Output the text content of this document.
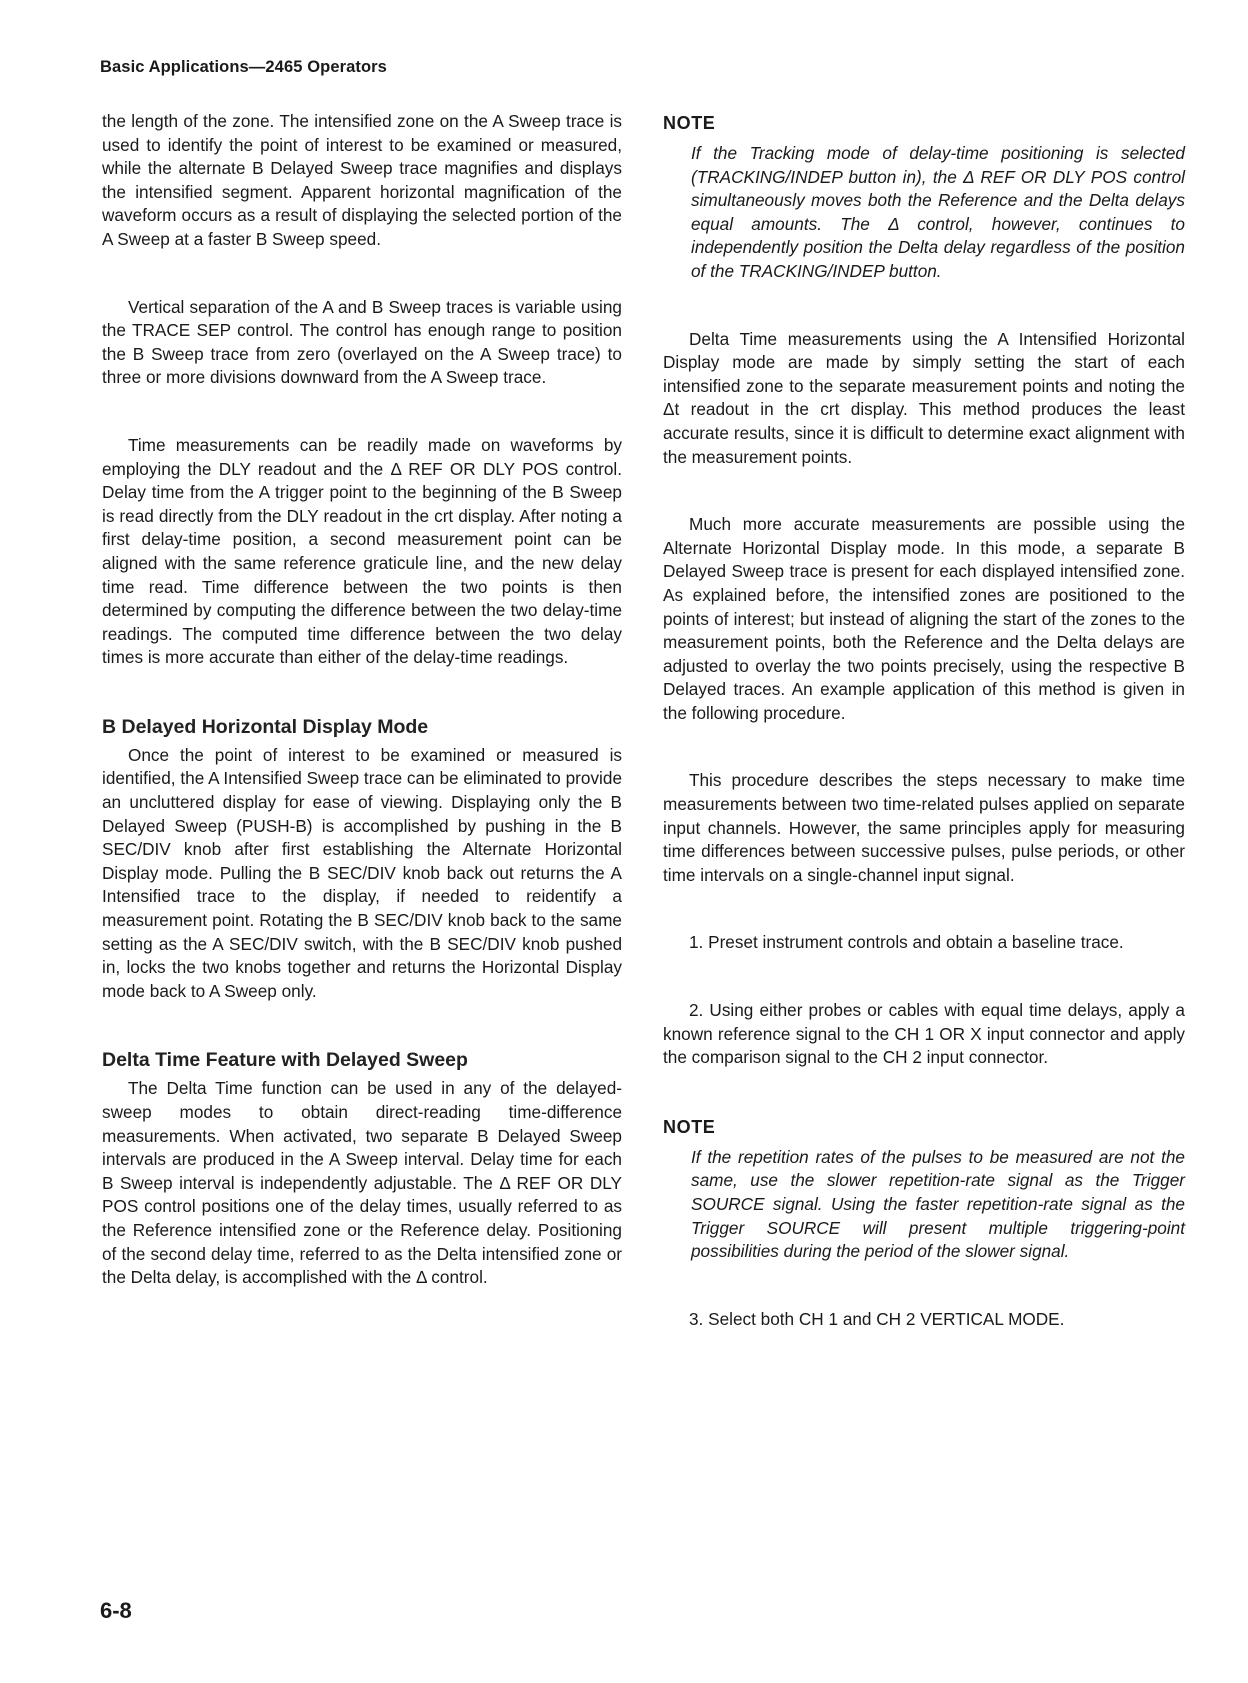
Basic Applications—2465 Operators

the length of the zone. The intensified zone on the A Sweep trace is used to identify the point of interest to be examined or measured, while the alternate B Delayed Sweep trace magnifies and displays the intensified segment. Apparent horizontal magnification of the waveform occurs as a result of displaying the selected portion of the A Sweep at a faster B Sweep speed.

Vertical separation of the A and B Sweep traces is variable using the TRACE SEP control. The control has enough range to position the B Sweep trace from zero (overlayed on the A Sweep trace) to three or more divisions downward from the A Sweep trace.

Time measurements can be readily made on waveforms by employing the DLY readout and the Δ REF OR DLY POS control. Delay time from the A trigger point to the beginning of the B Sweep is read directly from the DLY readout in the crt display. After noting a first delay-time position, a second measurement point can be aligned with the same reference graticule line, and the new delay time read. Time difference between the two points is then determined by computing the difference between the two delay-time readings. The computed time difference between the two delay times is more accurate than either of the delay-time readings.

B Delayed Horizontal Display Mode

Once the point of interest to be examined or measured is identified, the A Intensified Sweep trace can be eliminated to provide an uncluttered display for ease of viewing. Displaying only the B Delayed Sweep (PUSH-B) is accomplished by pushing in the B SEC/DIV knob after first establishing the Alternate Horizontal Display mode. Pulling the B SEC/DIV knob back out returns the A Intensified trace to the display, if needed to reidentify a measurement point. Rotating the B SEC/DIV knob back to the same setting as the A SEC/DIV switch, with the B SEC/DIV knob pushed in, locks the two knobs together and returns the Horizontal Display mode back to A Sweep only.

Delta Time Feature with Delayed Sweep

The Delta Time function can be used in any of the delayed-sweep modes to obtain direct-reading time-difference measurements. When activated, two separate B Delayed Sweep intervals are produced in the A Sweep interval. Delay time for each B Sweep interval is independently adjustable. The Δ REF OR DLY POS control positions one of the delay times, usually referred to as the Reference intensified zone or the Reference delay. Positioning of the second delay time, referred to as the Delta intensified zone or the Delta delay, is accomplished with the Δ control.

NOTE

If the Tracking mode of delay-time positioning is selected (TRACKING/INDEP button in), the Δ REF OR DLY POS control simultaneously moves both the Reference and the Delta delays equal amounts. The Δ control, however, continues to independently position the Delta delay regardless of the position of the TRACKING/INDEP button.

Delta Time measurements using the A Intensified Horizontal Display mode are made by simply setting the start of each intensified zone to the separate measurement points and noting the Δt readout in the crt display. This method produces the least accurate results, since it is difficult to determine exact alignment with the measurement points.

Much more accurate measurements are possible using the Alternate Horizontal Display mode. In this mode, a separate B Delayed Sweep trace is present for each displayed intensified zone. As explained before, the intensified zones are positioned to the points of interest; but instead of aligning the start of the zones to the measurement points, both the Reference and the Delta delays are adjusted to overlay the two points precisely, using the respective B Delayed traces. An example application of this method is given in the following procedure.

This procedure describes the steps necessary to make time measurements between two time-related pulses applied on separate input channels. However, the same principles apply for measuring time differences between successive pulses, pulse periods, or other time intervals on a single-channel input signal.

1. Preset instrument controls and obtain a baseline trace.

2. Using either probes or cables with equal time delays, apply a known reference signal to the CH 1 OR X input connector and apply the comparison signal to the CH 2 input connector.

NOTE

If the repetition rates of the pulses to be measured are not the same, use the slower repetition-rate signal as the Trigger SOURCE signal. Using the faster repetition-rate signal as the Trigger SOURCE will present multiple triggering-point possibilities during the period of the slower signal.

3. Select both CH 1 and CH 2 VERTICAL MODE.

6-8
